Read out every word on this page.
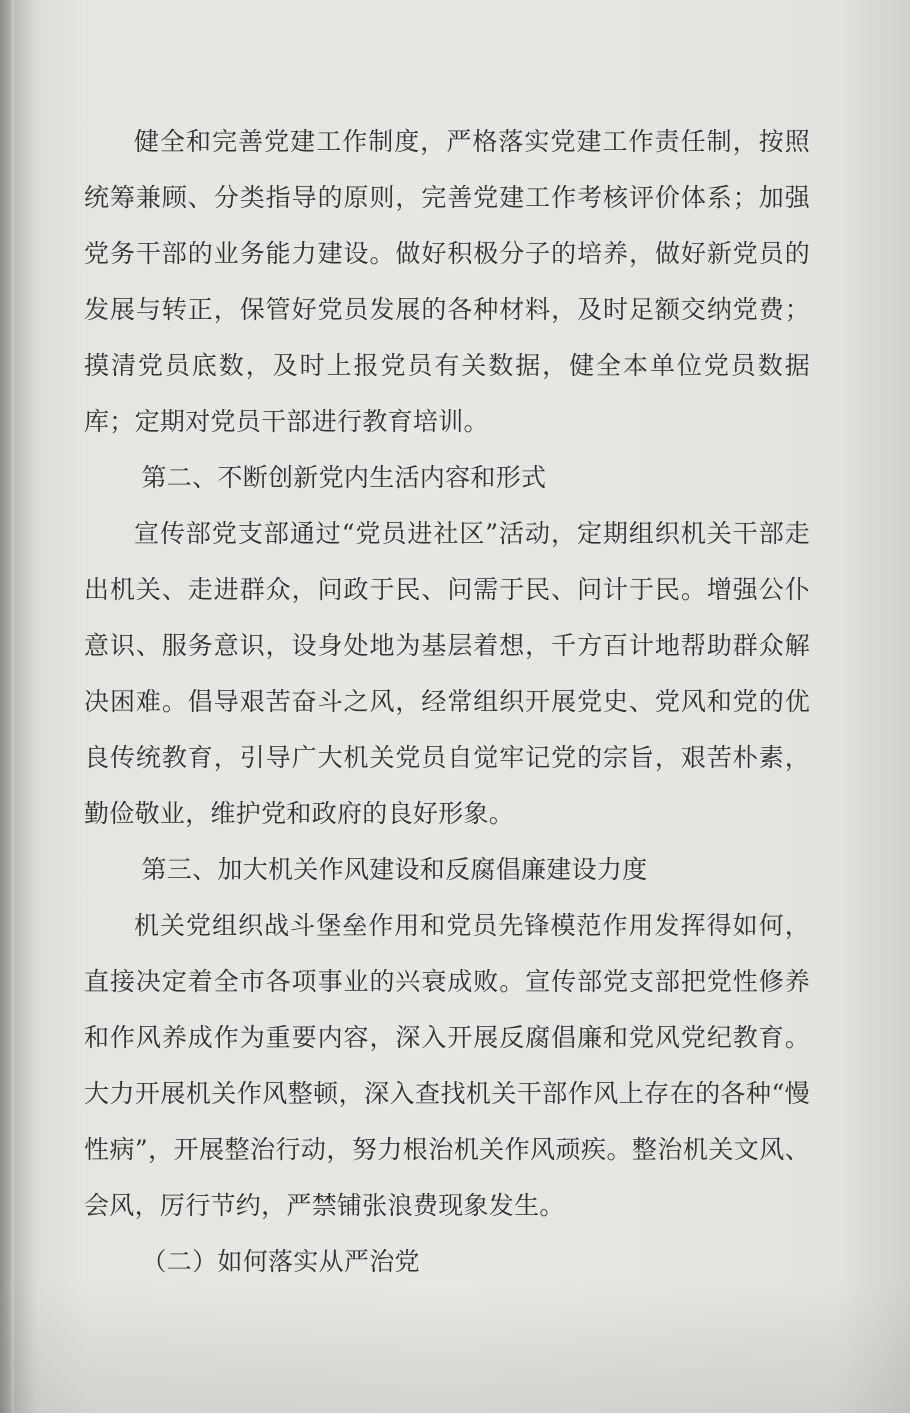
健全和完善党建工作制度，严格落实党建工作责任制，按照统筹兼顾、分类指导的原则，完善党建工作考核评价体系；加强党务干部的业务能力建设。做好积极分子的培养，做好新党员的发展与转正，保管好党员发展的各种材料，及时足额交纳党费；摸清党员底数，及时上报党员有关数据，健全本单位党员数据库；定期对党员干部进行教育培训。

第二、不断创新党内生活内容和形式

宣传部党支部通过“党员进社区”活动，定期组织机关干部走出机关、走进群众，问政于民、问需于民、问计于民。增强公仆意识、服务意识，设身处地为基层着想，千方百计地帮助群众解决困难。倡导艰苦奋斗之风，经常组织开展党史、党风和党的优良传统教育，引导广大机关党员自觉牢记党的宗旨，艰苦朴素，勤俭敬业，维护党和政府的良好形象。

第三、加大机关作风建设和反腐倡廉建设力度

机关党组织战斗堡垒作用和党员先锋模范作用发挥得如何，直接决定着全市各项事业的兴衰成败。宣传部党支部把党性修养和作风养成作为重要内容，深入开展反腐倡廉和党风党纪教育。大力开展机关作风整顿，深入查找机关干部作风上存在的各种“慢性病”，开展整治行动，努力根治机关作风顽疾。整治机关文风、会风，厉行节约，严禁铺张浪费现象发生。

（二）如何落实从严治党
